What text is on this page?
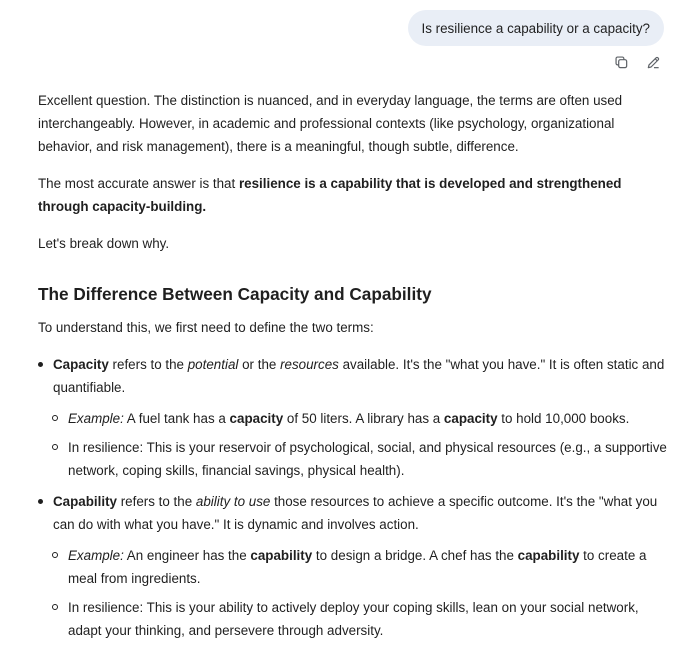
Is resilience a capability or a capacity?

Excellent question. The distinction is nuanced, and in everyday language, the terms are often used interchangeably. However, in academic and professional contexts (like psychology, organizational behavior, and risk management), there is a meaningful, though subtle, difference.

The most accurate answer is that resilience is a capability that is developed and strengthened through capacity-building.

Let's break down why.

The Difference Between Capacity and Capability

To understand this, we first need to define the two terms:

Capacity refers to the potential or the resources available. It's the "what you have." It is often static and quantifiable.
Example: A fuel tank has a capacity of 50 liters. A library has a capacity to hold 10,000 books.
In resilience: This is your reservoir of psychological, social, and physical resources (e.g., a supportive network, coping skills, financial savings, physical health).
Capability refers to the ability to use those resources to achieve a specific outcome. It's the "what you can do with what you have." It is dynamic and involves action.
Example: An engineer has the capability to design a bridge. A chef has the capability to create a meal from ingredients.
In resilience: This is your ability to actively deploy your coping skills, lean on your social network, adapt your thinking, and persevere through adversity.
